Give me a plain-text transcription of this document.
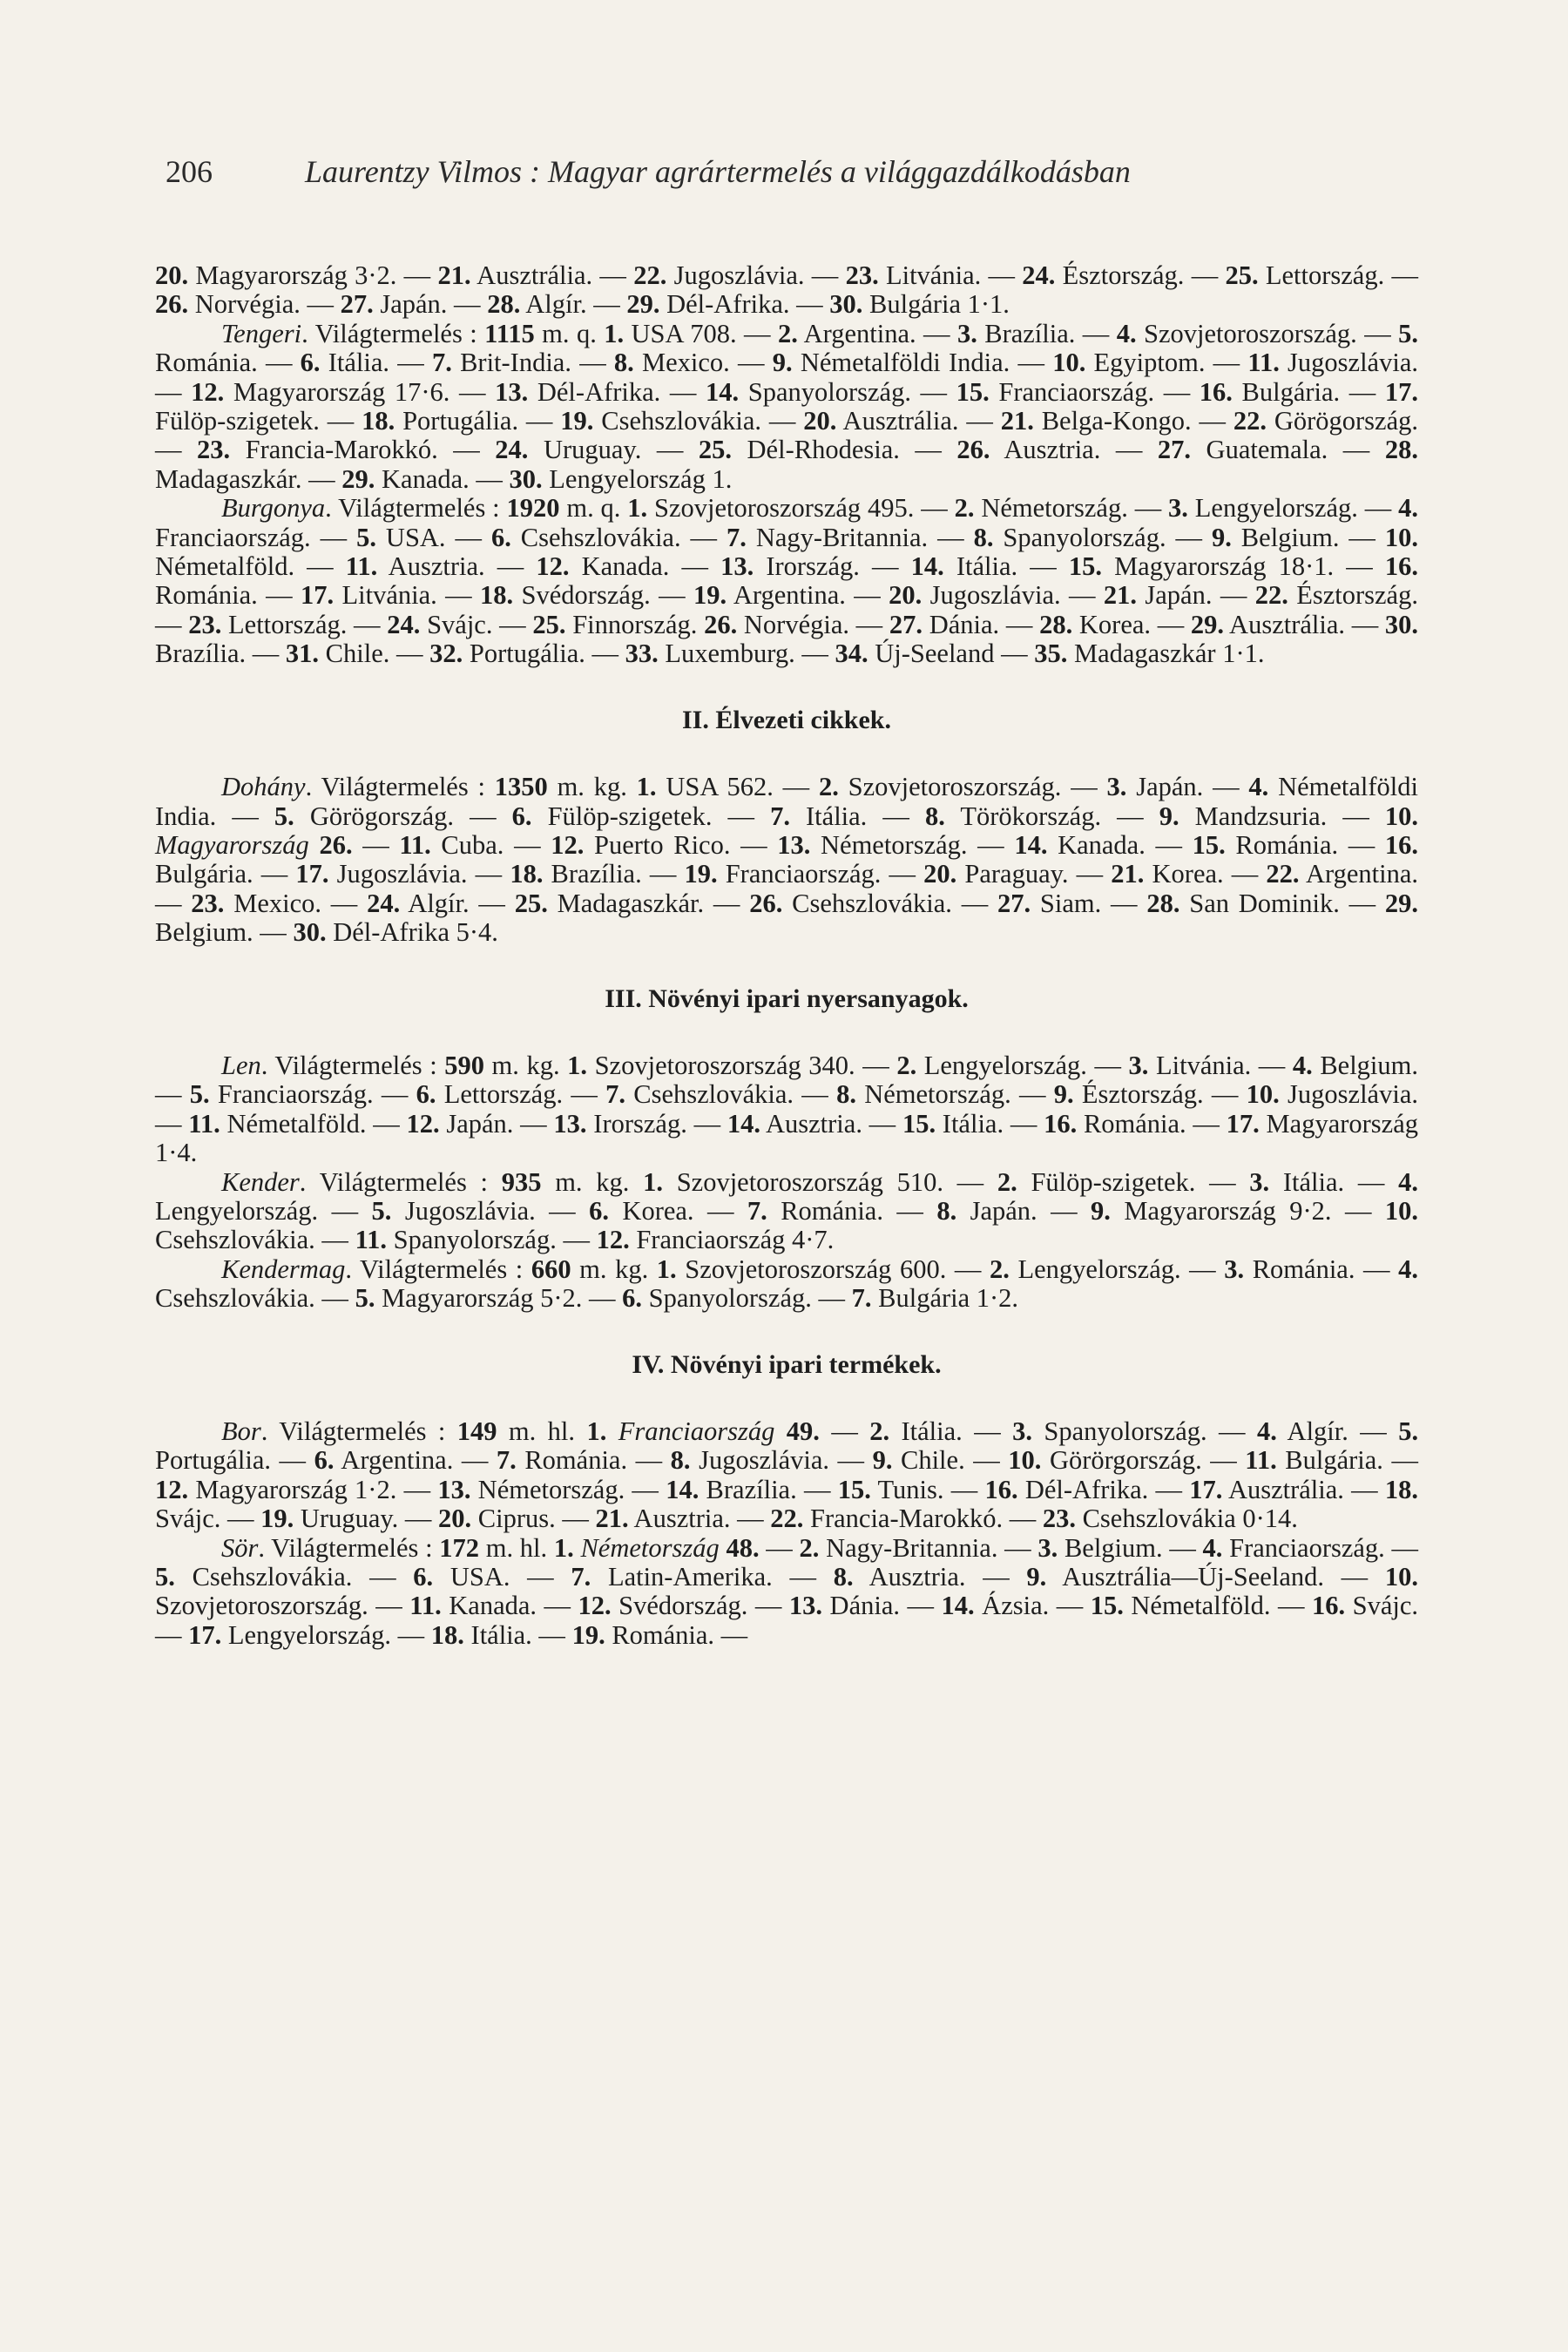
206	Laurentzy Vilmos : Magyar agrártermelés a világgazdálkodásban

20. Magyarország 3·2. — 21. Ausztrália. — 22. Jugoszlávia. — 23. Litvánia. — 24. Észtország. — 25. Lettország. — 26. Norvégia. — 27. Japán. — 28. Algír. — 29. Dél-Afrika. — 30. Bulgária 1·1.

Tengeri. Világtermelés : 1115 m. q. 1. USA 708. — 2. Argentina. — 3. Brazília. — 4. Szovjetoroszország. — 5. Románia. — 6. Itália. — 7. Brit-India. — 8. Mexico. — 9. Németalföldi India. — 10. Egyiptom. — 11. Jugoszlávia. — 12. Magyarország 17·6. — 13. Dél-Afrika. — 14. Spanyolország. — 15. Franciaország. — 16. Bulgária. — 17. Fülöp-szigetek. — 18. Portugália. — 19. Csehszlovákia. — 20. Ausztrália. — 21. Belga-Kongo. — 22. Görögország. — 23. Francia-Marokkó. — 24. Uruguay. — 25. Dél-Rhodesia. — 26. Ausztria. — 27. Guatemala. — 28. Madagaszkár. — 29. Kanada. — 30. Lengyelország 1.

Burgonya. Világtermelés : 1920 m. q. 1. Szovjetoroszország 495. — 2. Németország. — 3. Lengyelország. — 4. Franciaország. — 5. USA. — 6. Csehszlovákia. — 7. Nagy-Britannia. — 8. Spanyolország. — 9. Belgium. — 10. Németalföld. — 11. Ausztria. — 12. Kanada. — 13. Irország. — 14. Itália. — 15. Magyarország 18·1. — 16. Románia. — 17. Litvánia. — 18. Svédország. — 19. Argentina. — 20. Jugoszlávia. — 21. Japán. — 22. Észtország. — 23. Lettország. — 24. Svájc. — 25. Finnország. 26. Norvégia. — 27. Dánia. — 28. Korea. — 29. Ausztrália. — 30. Brazília. — 31. Chile. — 32. Portugália. — 33. Luxemburg. — 34. Új-Seeland — 35. Madagaszkár 1·1.

II. Élvezeti cikkek.

Dohány. Világtermelés : 1350 m. kg. 1. USA 562. — 2. Szovjetoroszország. — 3. Japán. — 4. Németalföldi India. — 5. Görögország. — 6. Fülöp-szigetek. — 7. Itália. — 8. Törökország. — 9. Mandzsuria. — 10. Magyarország 26. — 11. Cuba. — 12. Puerto Rico. — 13. Németország. — 14. Kanada. — 15. Románia. — 16. Bulgária. — 17. Jugoszlávia. — 18. Brazília. — 19. Franciaország. — 20. Paraguay. — 21. Korea. — 22. Argentina. — 23. Mexico. — 24. Algír. — 25. Madagaszkár. — 26. Csehszlovákia. — 27. Siam. — 28. San Dominik. — 29. Belgium. — 30. Dél-Afrika 5·4.

III. Növényi ipari nyersanyagok.

Len. Világtermelés : 590 m. kg. 1. Szovjetoroszország 340. — 2. Lengyelország. — 3. Litvánia. — 4. Belgium. — 5. Franciaország. — 6. Lettország. — 7. Csehszlovákia. — 8. Németország. — 9. Észtország. — 10. Jugoszlávia. — 11. Németalföld. — 12. Japán. — 13. Irország. — 14. Ausztria. — 15. Itália. — 16. Románia. — 17. Magyarország 1·4.

Kender. Világtermelés : 935 m. kg. 1. Szovjetoroszország 510. — 2. Fülöp-szigetek. — 3. Itália. — 4. Lengyelország. — 5. Jugoszlávia. — 6. Korea. — 7. Románia. — 8. Japán. — 9. Magyarország 9·2. — 10. Csehszlovákia. — 11. Spanyolország. — 12. Franciaország 4·7.

Kendermag. Világtermelés : 660 m. kg. 1. Szovjetoroszország 600. — 2. Lengyelország. — 3. Románia. — 4. Csehszlovákia. — 5. Magyarország 5·2. — 6. Spanyolország. — 7. Bulgária 1·2.

IV. Növényi ipari termékek.

Bor. Világtermelés : 149 m. hl. 1. Franciaország 49. — 2. Itália. — 3. Spanyolország. — 4. Algír. — 5. Portugália. — 6. Argentina. — 7. Románia. — 8. Jugoszlávia. — 9. Chile. — 10. Görörgország. — 11. Bulgária. — 12. Magyarország 1·2. — 13. Németország. — 14. Brazília. — 15. Tunis. — 16. Dél-Afrika. — 17. Ausztrália. — 18. Svájc. — 19. Uruguay. — 20. Ciprus. — 21. Ausztria. — 22. Francia-Marokkó. — 23. Csehszlovákia 0·14.

Sör. Világtermelés : 172 m. hl. 1. Németország 48. — 2. Nagy-Britannia. — 3. Belgium. — 4. Franciaország. — 5. Csehszlovákia. — 6. USA. — 7. Latin-Amerika. — 8. Ausztria. — 9. Ausztrália—Új-Seeland. — 10. Szovjetoroszország. — 11. Kanada. — 12. Svédország. — 13. Dánia. — 14. Ázsia. — 15. Németalföld. — 16. Svájc. — 17. Lengyelország. — 18. Itália. — 19. Románia. —
